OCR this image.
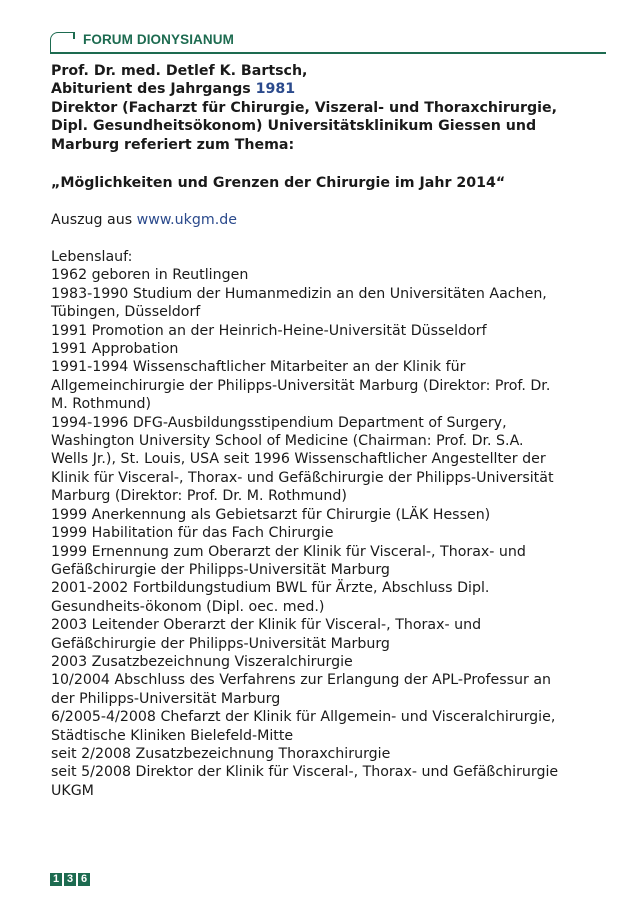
FORUM DIONYSIANUM
Prof. Dr. med. Detlef K. Bartsch,
Abiturient des Jahrgangs 1981
Direktor (Facharzt für Chirurgie, Viszeral- und Thoraxchirurgie,
Dipl. Gesundheitsökonom) Universitätsklinikum Giessen und
Marburg referiert zum Thema:
„Möglichkeiten und Grenzen der Chirurgie im Jahr 2014“
Auszug aus www.ukgm.de
Lebenslauf:
1962 geboren in Reutlingen
1983-1990 Studium der Humanmedizin an den Universitäten Aachen,
Tübingen, Düsseldorf
1991 Promotion an der Heinrich-Heine-Universität Düsseldorf
1991 Approbation
1991-1994 Wissenschaftlicher Mitarbeiter an der Klinik für
Allgemeinchirurgie der Philipps-Universität Marburg (Direktor: Prof. Dr.
M. Rothmund)
1994-1996 DFG-Ausbildungsstipendium Department of Surgery,
Washington University School of Medicine (Chairman: Prof. Dr. S.A.
Wells Jr.), St. Louis, USA seit 1996 Wissenschaftlicher Angestellter der
Klinik für Visceral-, Thorax- und Gefäßchirurgie der Philipps-Universität
Marburg (Direktor: Prof. Dr. M. Rothmund)
1999 Anerkennung als Gebietsarzt für Chirurgie (LÄK Hessen)
1999 Habilitation für das Fach Chirurgie
1999 Ernennung zum Oberarzt der Klinik für Visceral-, Thorax- und
Gefäßchirurgie der Philipps-Universität Marburg
2001-2002 Fortbildungstudium BWL für Ärzte, Abschluss Dipl.
Gesundheits-ökonom (Dipl. oec. med.)
2003 Leitender Oberarzt der Klinik für Visceral-, Thorax- und
Gefäßchirurgie der Philipps-Universität Marburg
2003 Zusatzbezeichnung Viszeralchirurgie
10/2004 Abschluss des Verfahrens zur Erlangung der APL-Professur an
der Philipps-Universität Marburg
6/2005-4/2008 Chefarzt der Klinik für Allgemein- und Visceralchirurgie,
Städtische Kliniken Bielefeld-Mitte
seit 2/2008 Zusatzbezeichnung Thoraxchirurgie
seit 5/2008 Direktor der Klinik für Visceral-, Thorax- und Gefäßchirurgie
UKGM
1 3 6
